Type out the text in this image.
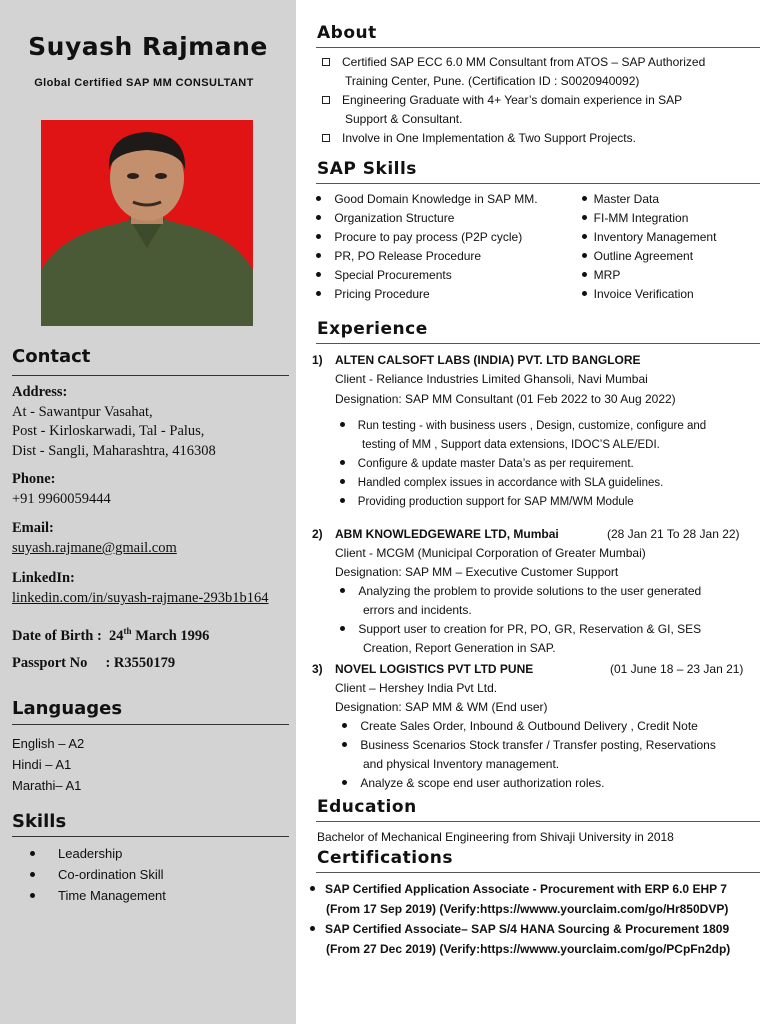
Suyash Rajmane
Global Certified SAP MM CONSULTANT
Contact
Address:
At - Sawantpur Vasahat,
Post - Kirloskarwadi, Tal - Palus,
Dist - Sangli, Maharashtra, 416308
Phone:
+91 9960059444
Email:
suyash.rajmane@gmail.com
LinkedIn:
linkedin.com/in/suyash-rajmane-293b1b164
Date of Birth : 24th March 1996
Passport No : R3550179
Languages
English – A2
Hindi – A1
Marathi– A1
Skills
Leadership
Co-ordination Skill
Time Management
About
Certified SAP ECC 6.0 MM Consultant from ATOS – SAP Authorized
Training Center, Pune. (Certification ID : S0020940092)
Engineering Graduate with 4+ Year’s domain experience in SAP
Support & Consultant.
Involve in One Implementation & Two Support Projects.
SAP Skills
Good Domain Knowledge in SAP MM.
Organization Structure
Procure to pay process (P2P cycle)
PR, PO Release Procedure
Special Procurements
Pricing Procedure
Master Data
FI-MM Integration
Inventory Management
Outline Agreement
MRP
Invoice Verification
Experience
1) ALTEN CALSOFT LABS (INDIA) PVT. LTD BANGLORE
Client - Reliance Industries Limited Ghansoli, Navi Mumbai
Designation: SAP MM Consultant (01 Feb 2022 to 30 Aug 2022)
Run testing - with business users , Design, customize, configure and
testing of MM , Support data extensions, IDOC’S ALE/EDI.
Configure & update master Data’s as per requirement.
Handled complex issues in accordance with SLA guidelines.
Providing production support for SAP MM/WM Module
2) ABM KNOWLEDGEWARE LTD, Mumbai	(28 Jan 21 To 28 Jan 22)
Client - MCGM (Municipal Corporation of Greater Mumbai)
Designation: SAP MM – Executive Customer Support
Analyzing the problem to provide solutions to the user generated
errors and incidents.
Support user to creation for PR, PO, GR, Reservation & GI, SES
Creation, Report Generation in SAP.
3) NOVEL LOGISTICS PVT LTD PUNE	(01 June 18 – 23 Jan 21)
Client – Hershey India Pvt Ltd.
Designation: SAP MM & WM (End user)
Create Sales Order, Inbound & Outbound Delivery , Credit Note
Business Scenarios Stock transfer / Transfer posting, Reservations
and physical Inventory management.
Analyze & scope end user authorization roles.
Education
Bachelor of Mechanical Engineering from Shivaji University in 2018
Certifications
SAP Certified Application Associate - Procurement with ERP 6.0 EHP 7
(From 17 Sep 2019) (Verify:https://wwww.yourclaim.com/go/Hr850DVP)
SAP Certified Associate– SAP S/4 HANA Sourcing & Procurement 1809
(From 27 Dec 2019) (Verify:https://wwww.yourclaim.com/go/PCpFn2dp)
